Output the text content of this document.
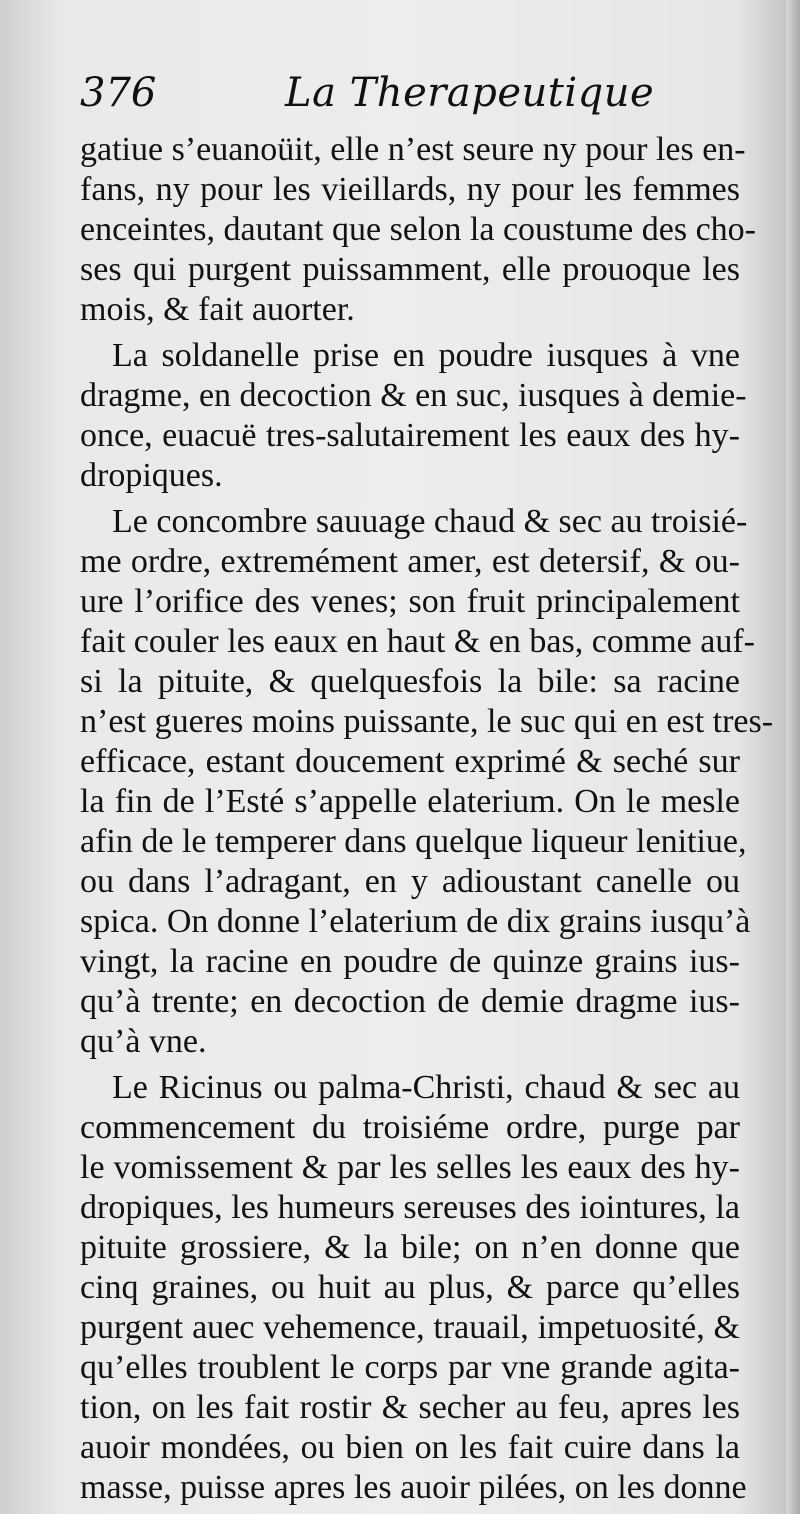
376	La Therapeutique
gatiue s’euanoüit, elle n’est seure ny pour les en-
fans, ny pour les vieillards, ny pour les femmes
enceintes, dautant que selon la coustume des cho-
ses qui purgent puissamment, elle prouoque les
mois, & fait auorter.
La soldanelle prise en poudre iusques à vne
dragme, en decoction & en suc, iusques à demie-
once, euacuë tres-salutairement les eaux des hy-
dropiques.
Le concombre sauuage chaud & sec au troisié-
me ordre, extremément amer, est detersif, & ou-
ure l’orifice des venes; son fruit principalement
fait couler les eaux en haut & en bas, comme auf-
si la pituite, & quelquesfois la bile: sa racine
n’est gueres moins puissante, le suc qui en est tres-
efficace, estant doucement exprimé & seché sur
la fin de l’Esté s’appelle elaterium. On le mesle
afin de le temperer dans quelque liqueur lenitiue,
ou dans l’adragant, en y adioustant canelle ou
spica. On donne l’elaterium de dix grains iusqu’à
vingt, la racine en poudre de quinze grains ius-
qu’à trente; en decoction de demie dragme ius-
qu’à vne.
Le Ricinus ou palma-Christi, chaud & sec au
commencement du troisiéme ordre, purge par
le vomissement & par les selles les eaux des hy-
dropiques, les humeurs sereuses des iointures, la
pituite grossiere, & la bile; on n’en donne que
cinq graines, ou huit au plus, & parce qu’elles
purgent auec vehemence, trauail, impetuosité, &
qu’elles troublent le corps par vne grande agita-
tion, on les fait rostir & secher au feu, apres les
auoir mondées, ou bien on les fait cuire dans la
masse, puisse apres les auoir pilées, on les donne
